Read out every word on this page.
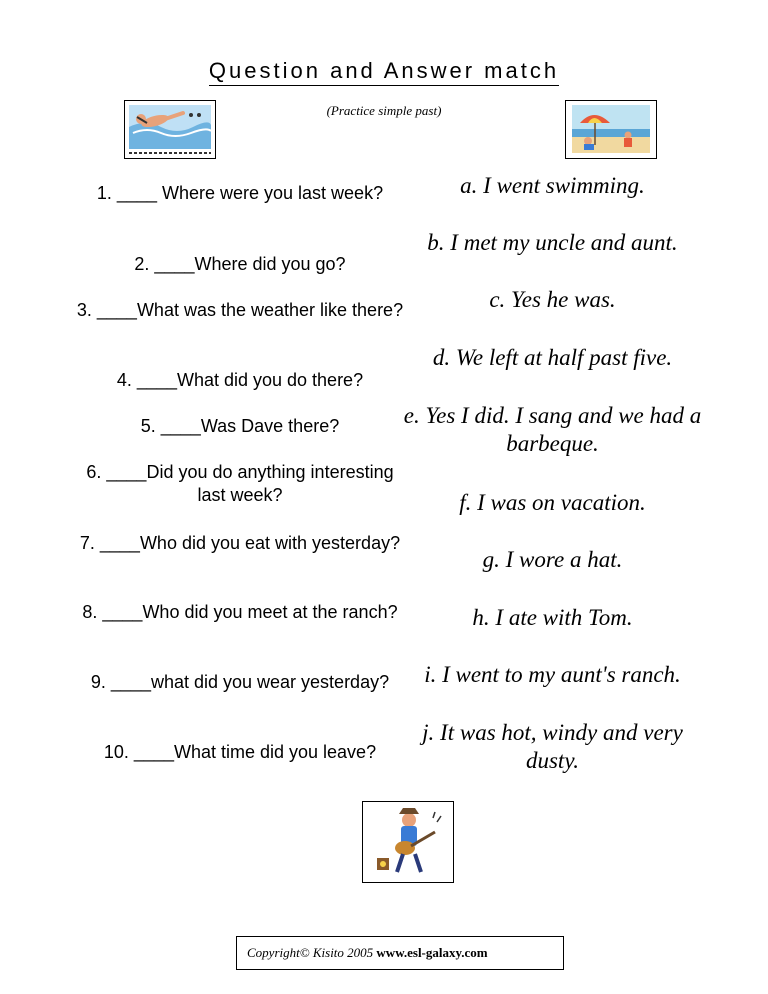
Question and Answer match
(Practice simple past)
1. ____ Where were you last week?
2. ____Where did you go?
3. ____What was the weather like there?
4. ____What did you do there?
5. ____Was Dave there?
6. ____Did you do anything interesting last week?
7. ____Who did you eat with yesterday?
8. ____Who did you meet at the ranch?
9. ____what did you wear yesterday?
10. ____What time did you leave?
a. I went swimming.
b. I met my uncle and aunt.
c. Yes he was.
d. We left at half past five.
e. Yes I did. I sang and we had a barbeque.
f. I was on vacation.
g. I wore a hat.
h. I ate with Tom.
i. I went to my aunt's ranch.
j. It was hot, windy and very dusty.
Copyright© Kisito 2005 www.esl-galaxy.com
